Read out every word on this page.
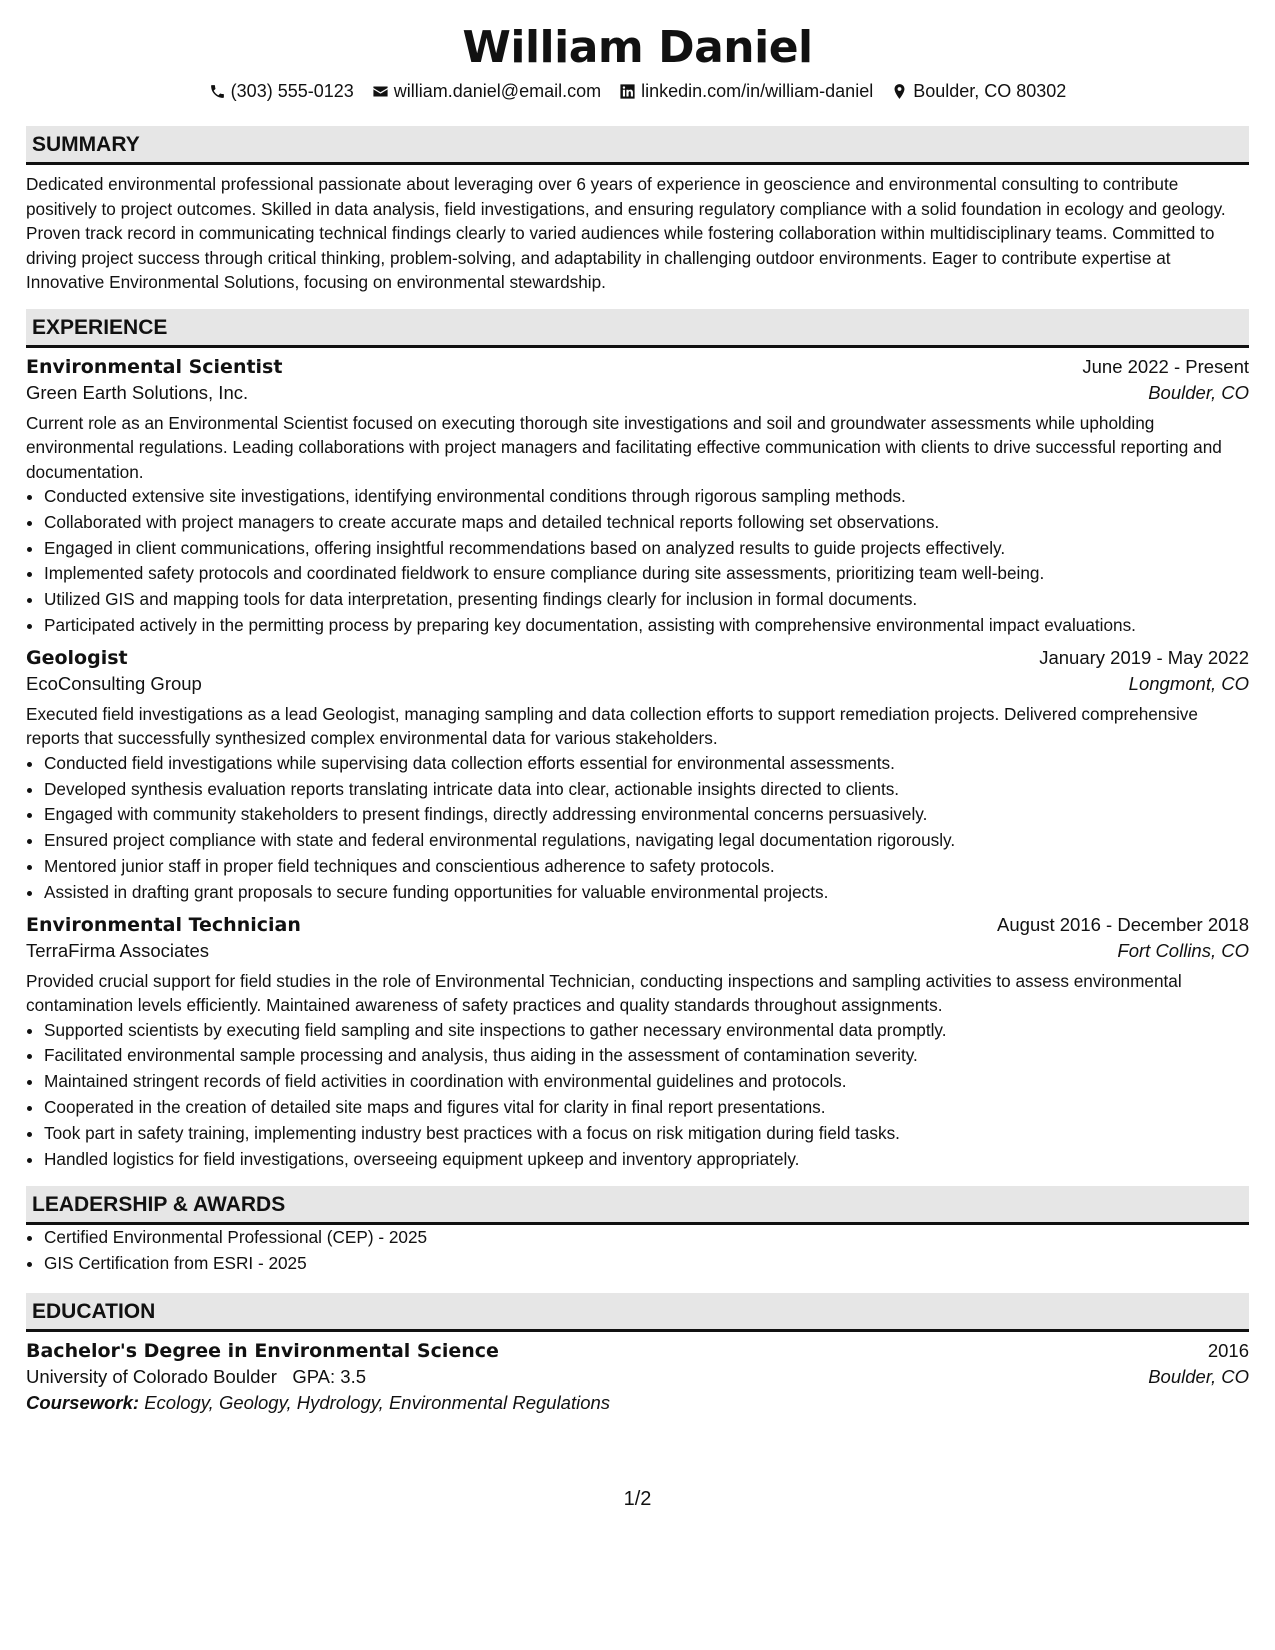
William Daniel
(303) 555-0123 william.daniel@email.com linkedin.com/in/william-daniel Boulder, CO 80302
SUMMARY
Dedicated environmental professional passionate about leveraging over 6 years of experience in geoscience and environmental consulting to contribute positively to project outcomes. Skilled in data analysis, field investigations, and ensuring regulatory compliance with a solid foundation in ecology and geology. Proven track record in communicating technical findings clearly to varied audiences while fostering collaboration within multidisciplinary teams. Committed to driving project success through critical thinking, problem-solving, and adaptability in challenging outdoor environments. Eager to contribute expertise at Innovative Environmental Solutions, focusing on environmental stewardship.
EXPERIENCE
Environmental Scientist	June 2022 - Present
Green Earth Solutions, Inc.	Boulder, CO
Current role as an Environmental Scientist focused on executing thorough site investigations and soil and groundwater assessments while upholding environmental regulations. Leading collaborations with project managers and facilitating effective communication with clients to drive successful reporting and documentation.
• Conducted extensive site investigations, identifying environmental conditions through rigorous sampling methods.
• Collaborated with project managers to create accurate maps and detailed technical reports following set observations.
• Engaged in client communications, offering insightful recommendations based on analyzed results to guide projects effectively.
• Implemented safety protocols and coordinated fieldwork to ensure compliance during site assessments, prioritizing team well-being.
• Utilized GIS and mapping tools for data interpretation, presenting findings clearly for inclusion in formal documents.
• Participated actively in the permitting process by preparing key documentation, assisting with comprehensive environmental impact evaluations.
Geologist	January 2019 - May 2022
EcoConsulting Group	Longmont, CO
Executed field investigations as a lead Geologist, managing sampling and data collection efforts to support remediation projects. Delivered comprehensive reports that successfully synthesized complex environmental data for various stakeholders.
• Conducted field investigations while supervising data collection efforts essential for environmental assessments.
• Developed synthesis evaluation reports translating intricate data into clear, actionable insights directed to clients.
• Engaged with community stakeholders to present findings, directly addressing environmental concerns persuasively.
• Ensured project compliance with state and federal environmental regulations, navigating legal documentation rigorously.
• Mentored junior staff in proper field techniques and conscientious adherence to safety protocols.
• Assisted in drafting grant proposals to secure funding opportunities for valuable environmental projects.
Environmental Technician	August 2016 - December 2018
TerraFirma Associates	Fort Collins, CO
Provided crucial support for field studies in the role of Environmental Technician, conducting inspections and sampling activities to assess environmental contamination levels efficiently. Maintained awareness of safety practices and quality standards throughout assignments.
• Supported scientists by executing field sampling and site inspections to gather necessary environmental data promptly.
• Facilitated environmental sample processing and analysis, thus aiding in the assessment of contamination severity.
• Maintained stringent records of field activities in coordination with environmental guidelines and protocols.
• Cooperated in the creation of detailed site maps and figures vital for clarity in final report presentations.
• Took part in safety training, implementing industry best practices with a focus on risk mitigation during field tasks.
• Handled logistics for field investigations, overseeing equipment upkeep and inventory appropriately.
LEADERSHIP & AWARDS
• Certified Environmental Professional (CEP) - 2025
• GIS Certification from ESRI - 2025
EDUCATION
Bachelor's Degree in Environmental Science	2016
University of Colorado Boulder GPA: 3.5	Boulder, CO
Coursework: Ecology, Geology, Hydrology, Environmental Regulations
1/2
